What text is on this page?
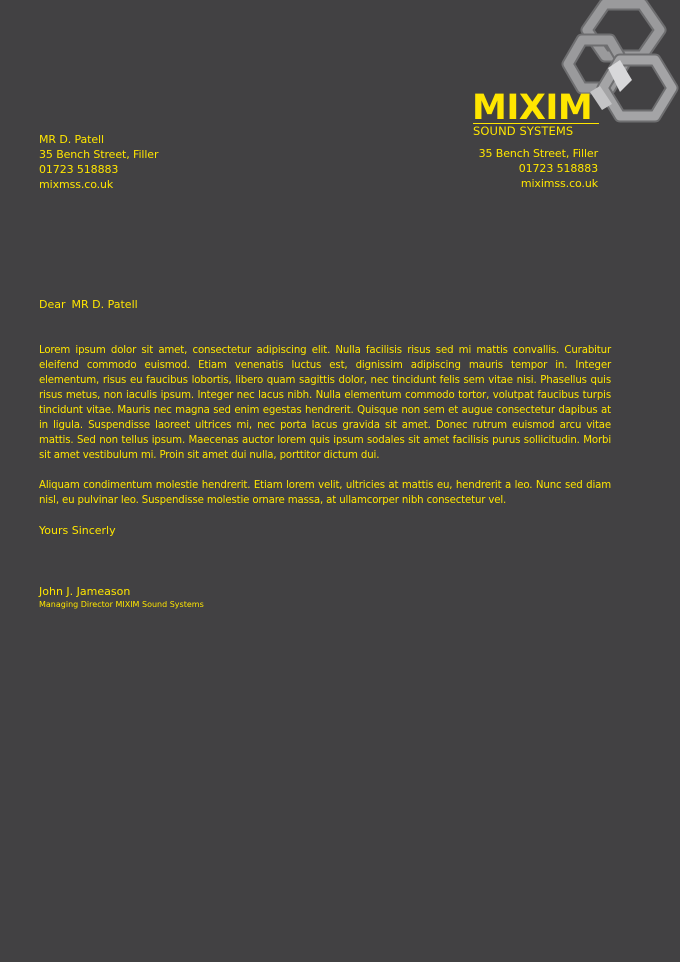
MR D. Patell
35 Bench Street, Filler
01723 518883
mixmss.co.uk
MIXIM
SOUND SYSTEMS
35 Bench Street, Filler
01723 518883
miximss.co.uk
Dear MR D. Patell

Lorem ipsum dolor sit amet, consectetur adipiscing elit. Nulla facilisis risus sed mi mattis convallis. Curabitur eleifend commodo euismod. Etiam venenatis luctus est, dignissim adipiscing mauris tempor in. Integer elementum, risus eu faucibus lobortis, libero quam sagittis dolor, nec tincidunt felis sem vitae nisi. Phasellus quis risus metus, non iaculis ipsum. Integer nec lacus nibh. Nulla elementum commodo tortor, volutpat faucibus turpis tincidunt vitae. Mauris nec magna sed enim egestas hendrerit. Quisque non sem et augue consectetur dapibus at in ligula. Suspendisse laoreet ultrices mi, nec porta lacus gravida sit amet. Donec rutrum euismod arcu vitae mattis. Sed non tellus ipsum. Maecenas auctor lorem quis ipsum sodales sit amet facilisis purus sollicitudin. Morbi sit amet vestibulum mi. Proin sit amet dui nulla, porttitor dictum dui.

Aliquam condimentum molestie hendrerit. Etiam lorem velit, ultricies at mattis eu, hendrerit a leo. Nunc sed diam nisl, eu pulvinar leo. Suspendisse molestie ornare massa, at ullamcorper nibh consectetur vel.

Yours Sincerly
John J. Jameason
Managing Director MIXIM Sound Systems
